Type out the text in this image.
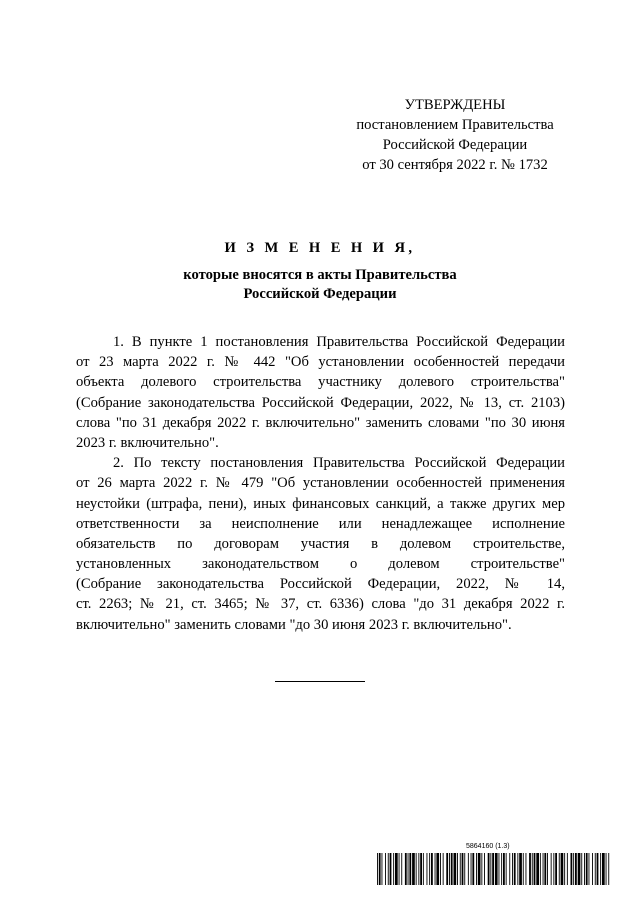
УТВЕРЖДЕНЫ
постановлением Правительства
Российской Федерации
от 30 сентября 2022 г. № 1732
И З М Е Н Е Н И Я,
которые вносятся в акты Правительства
Российской Федерации
1. В пункте 1 постановления Правительства Российской Федерации
от 23 марта 2022 г. № 442 "Об установлении особенностей передачи
объекта долевого строительства участнику долевого строительства"
(Собрание законодательства Российской Федерации, 2022, № 13, ст. 2103)
слова "по 31 декабря 2022 г. включительно" заменить словами "по 30 июня
2023 г. включительно".
2. По тексту постановления Правительства Российской Федерации
от 26 марта 2022 г. № 479 "Об установлении особенностей применения
неустойки (штрафа, пени), иных финансовых санкций, а также других мер
ответственности за неисполнение или ненадлежащее исполнение
обязательств по договорам участия в долевом строительстве,
установленных законодательством о долевом строительстве"
(Собрание законодательства Российской Федерации, 2022, № 14,
ст. 2263; № 21, ст. 3465; № 37, ст. 6336) слова "до 31 декабря 2022 г.
включительно" заменить словами "до 30 июня 2023 г. включительно".
5864160 (1.3)
